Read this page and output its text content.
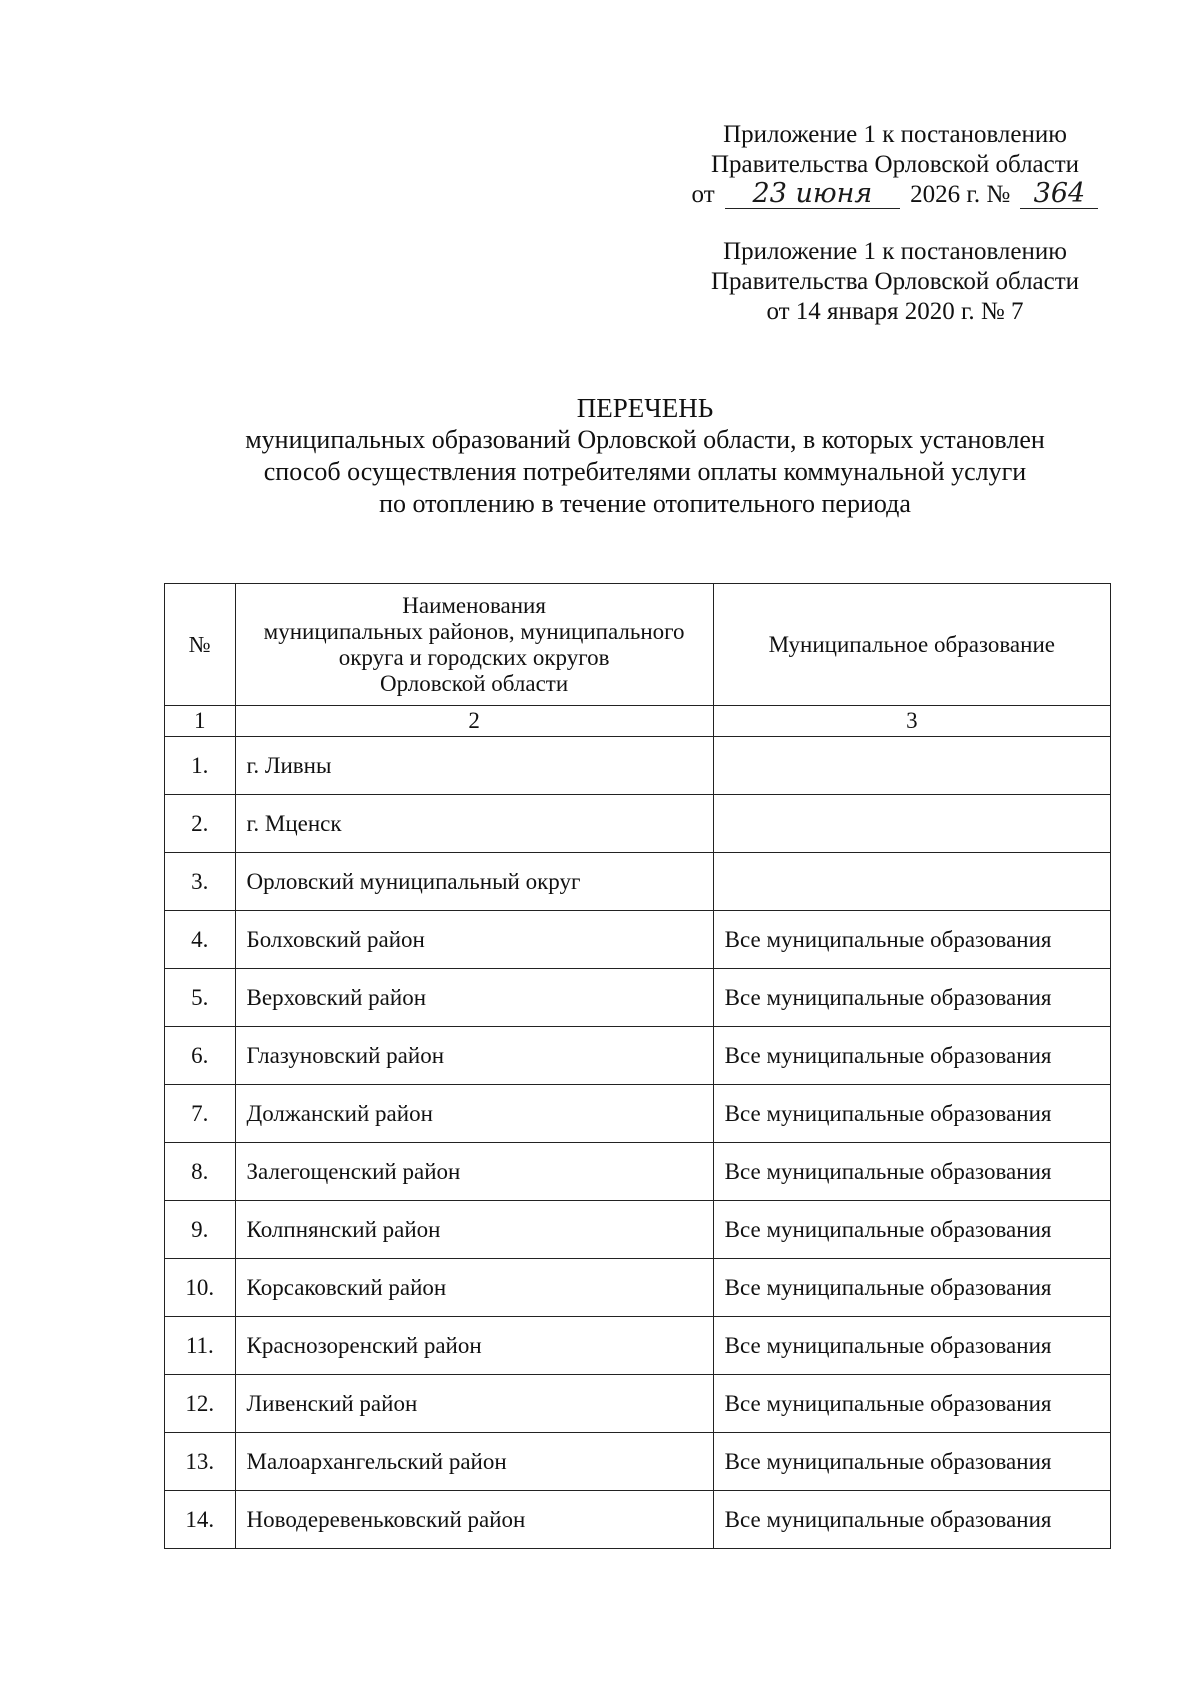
Приложение 1 к постановлению
Правительства Орловской области
от 23 июня 2026 г. № 364
Приложение 1 к постановлению
Правительства Орловской области
от 14 января 2020 г. № 7
ПЕРЕЧЕНЬ
муниципальных образований Орловской области, в которых установлен
способ осуществления потребителями оплаты коммунальной услуги
по отоплению в течение отопительного периода
№	Наименования
муниципальных районов, муниципального
округа и городских округов
Орловской области	Муниципальное образование
1	2	3
1.	г. Ливны	
2.	г. Мценск	
3.	Орловский муниципальный округ	
4.	Болховский район	Все муниципальные образования
5.	Верховский район	Все муниципальные образования
6.	Глазуновский район	Все муниципальные образования
7.	Должанский район	Все муниципальные образования
8.	Залегощенский район	Все муниципальные образования
9.	Колпнянский район	Все муниципальные образования
10.	Корсаковский район	Все муниципальные образования
11.	Краснозоренский район	Все муниципальные образования
12.	Ливенский район	Все муниципальные образования
13.	Малоархангельский район	Все муниципальные образования
14.	Новодеревеньковский район	Все муниципальные образования
